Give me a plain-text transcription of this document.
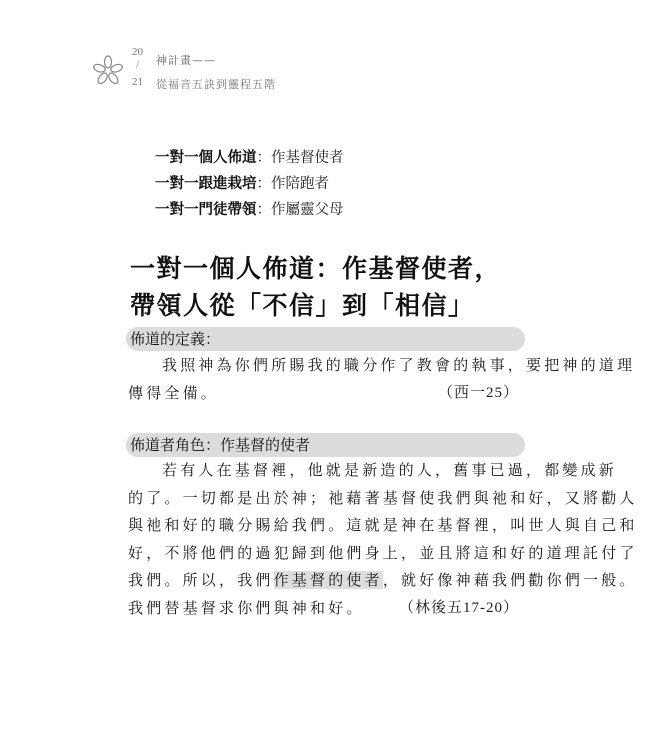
20
/
21
神計畫——
從福音五訣到靈程五階
一對一個人佈道：作基督使者
一對一跟進栽培：作陪跑者
一對一門徒帶領：作屬靈父母
一對一個人佈道：作基督使者，
帶領人從「不信」到「相信」
佈道的定義：
我照神為你們所賜我的職分作了教會的執事，要把神的道理
傳得全備。	（西一25）
佈道者角色：作基督的使者
若有人在基督裡，他就是新造的人，舊事已過，都變成新
的了。一切都是出於神；祂藉著基督使我們與祂和好，又將勸人
與祂和好的職分賜給我們。這就是神在基督裡，叫世人與自己和
好，不將他們的過犯歸到他們身上，並且將這和好的道理託付了
我們。所以，我們作基督的使者，就好像神藉我們勸你們一般。
我們替基督求你們與神和好。 （林後五17-20）
